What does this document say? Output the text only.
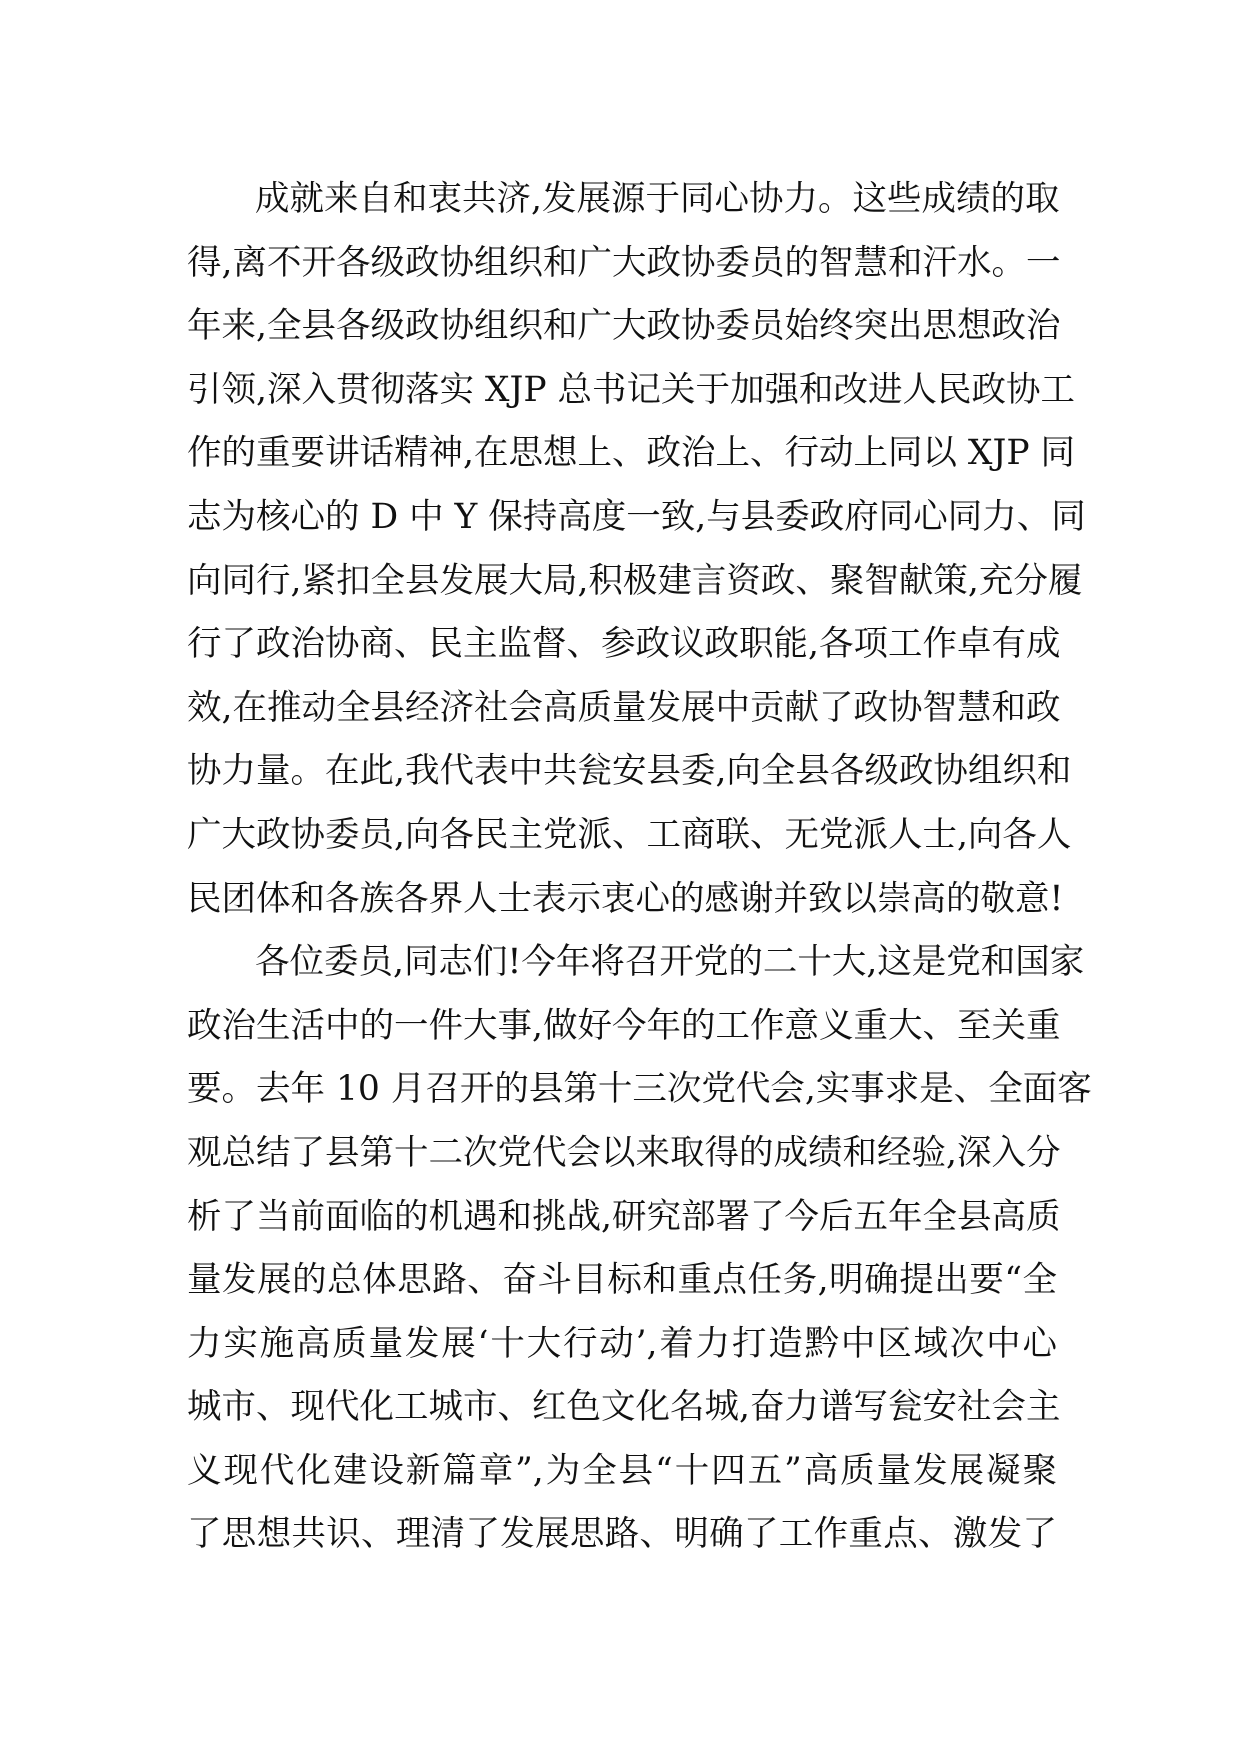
成就来自和衷共济,发展源于同心协力。这些成绩的取
得,离不开各级政协组织和广大政协委员的智慧和汗水。一
年来,全县各级政协组织和广大政协委员始终突出思想政治
引领,深入贯彻落实 XJP 总书记关于加强和改进人民政协工
作的重要讲话精神,在思想上、政治上、行动上同以 XJP 同
志为核心的 D 中 Y 保持高度一致,与县委政府同心同力、同
向同行,紧扣全县发展大局,积极建言资政、聚智献策,充分履
行了政治协商、民主监督、参政议政职能,各项工作卓有成
效,在推动全县经济社会高质量发展中贡献了政协智慧和政
协力量。在此,我代表中共瓮安县委,向全县各级政协组织和
广大政协委员,向各民主党派、工商联、无党派人士,向各人
民团体和各族各界人士表示衷心的感谢并致以崇高的敬意!
各位委员,同志们!今年将召开党的二十大,这是党和国家
政治生活中的一件大事,做好今年的工作意义重大、至关重
要。去年 10 月召开的县第十三次党代会,实事求是、全面客
观总结了县第十二次党代会以来取得的成绩和经验,深入分
析了当前面临的机遇和挑战,研究部署了今后五年全县高质
量发展的总体思路、奋斗目标和重点任务,明确提出要“全
力实施高质量发展‘十大行动’,着力打造黔中区域次中心
城市、现代化工城市、红色文化名城,奋力谱写瓮安社会主
义现代化建设新篇章”,为全县“十四五”高质量发展凝聚
了思想共识、理清了发展思路、明确了工作重点、激发了
